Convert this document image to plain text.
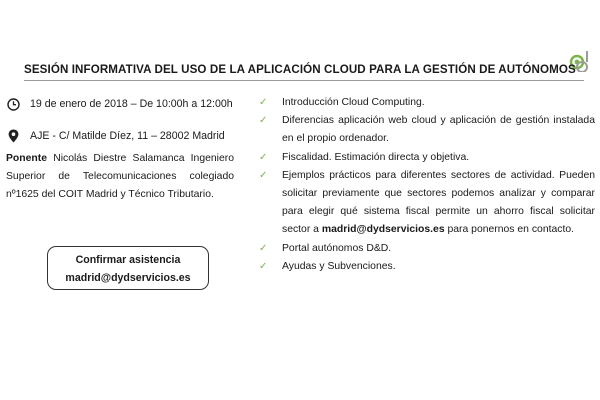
SESIÓN INFORMATIVA DEL USO DE LA APLICACIÓN CLOUD PARA LA GESTIÓN DE AUTÓNOMOS
19 de enero de 2018 – De 10:00h a 12:00h
AJE - C/ Matilde Díez, 11 – 28002 Madrid
Ponente Nicolás Diestre Salamanca Ingeniero Superior de Telecomunicaciones colegiado nº1625 del COIT Madrid y Técnico Tributario.
Confirmar asistencia
madrid@dydservicios.es
✓ Introducción Cloud Computing.
✓ Diferencias aplicación web cloud y aplicación de gestión instalada en el propio ordenador.
✓ Fiscalidad. Estimación directa y objetiva.
✓ Ejemplos prácticos para diferentes sectores de actividad. Pueden solicitar previamente que sectores podemos analizar y comparar para elegir qué sistema fiscal permite un ahorro fiscal solicitar sector a madrid@dydservicios.es para ponernos en contacto.
✓ Portal autónomos D&D.
✓ Ayudas y Subvenciones.
